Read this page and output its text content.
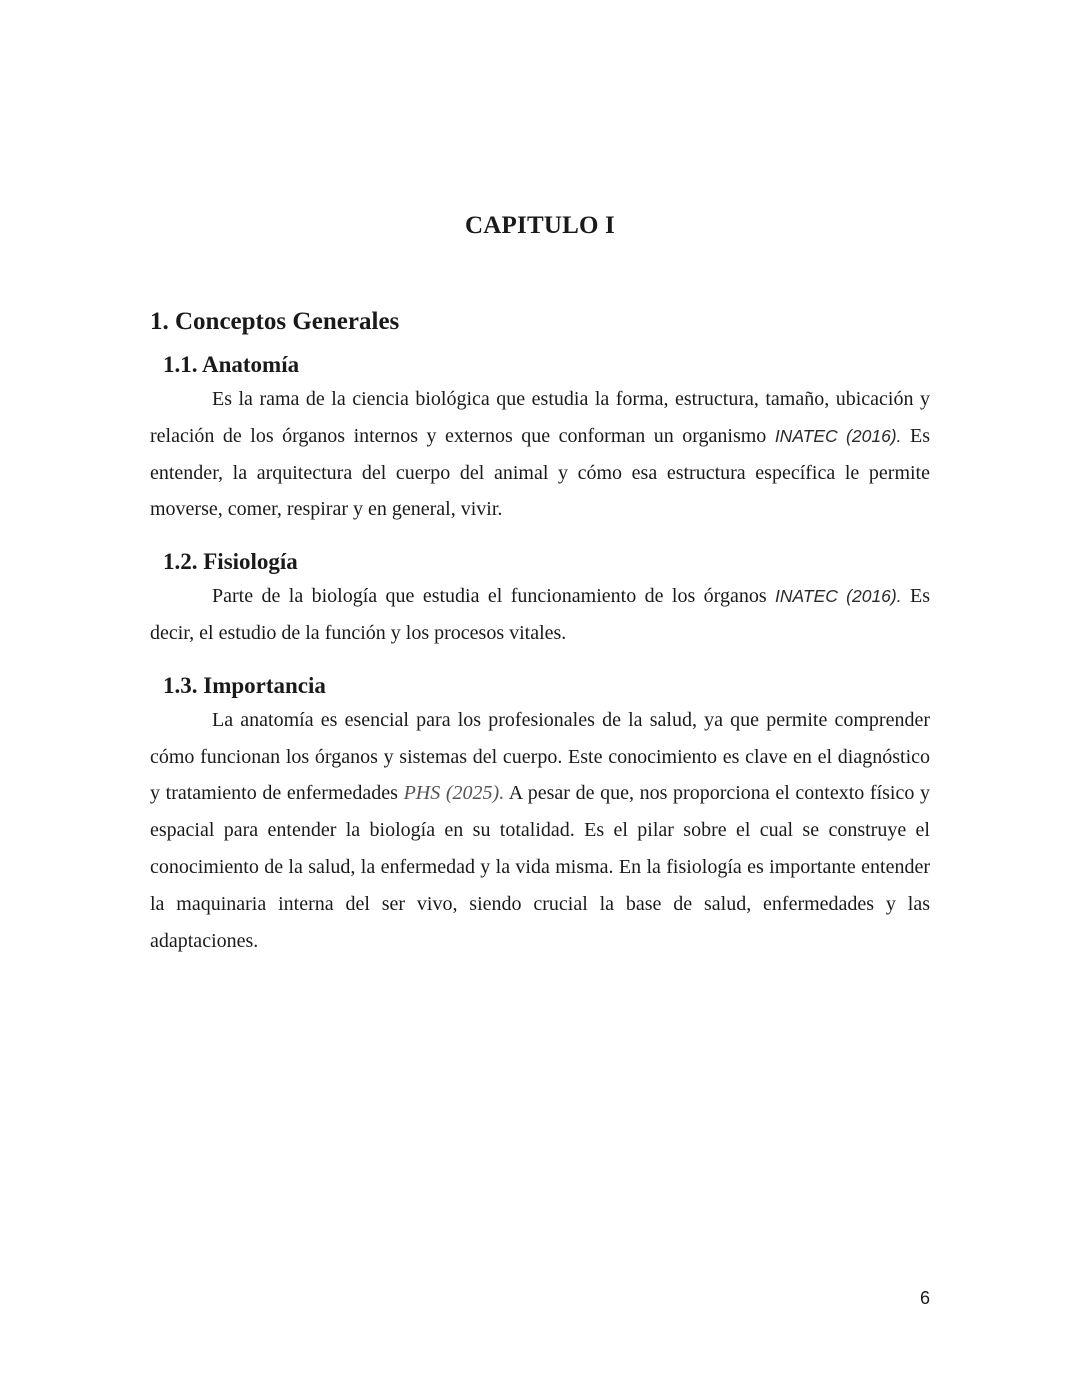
CAPITULO I
1. Conceptos Generales
1.1. Anatomía

Es la rama de la ciencia biológica que estudia la forma, estructura, tamaño, ubicación y relación de los órganos internos y externos que conforman un organismo INATEC (2016). Es entender, la arquitectura del cuerpo del animal y cómo esa estructura específica le permite moverse, comer, respirar y en general, vivir.

1.2. Fisiología

Parte de la biología que estudia el funcionamiento de los órganos INATEC (2016). Es decir, el estudio de la función y los procesos vitales.

1.3. Importancia

La anatomía es esencial para los profesionales de la salud, ya que permite comprender cómo funcionan los órganos y sistemas del cuerpo. Este conocimiento es clave en el diagnóstico y tratamiento de enfermedades PHS (2025). A pesar de que, nos proporciona el contexto físico y espacial para entender la biología en su totalidad. Es el pilar sobre el cual se construye el conocimiento de la salud, la enfermedad y la vida misma. En la fisiología es importante entender la maquinaria interna del ser vivo, siendo crucial la base de salud, enfermedades y las adaptaciones.

6
